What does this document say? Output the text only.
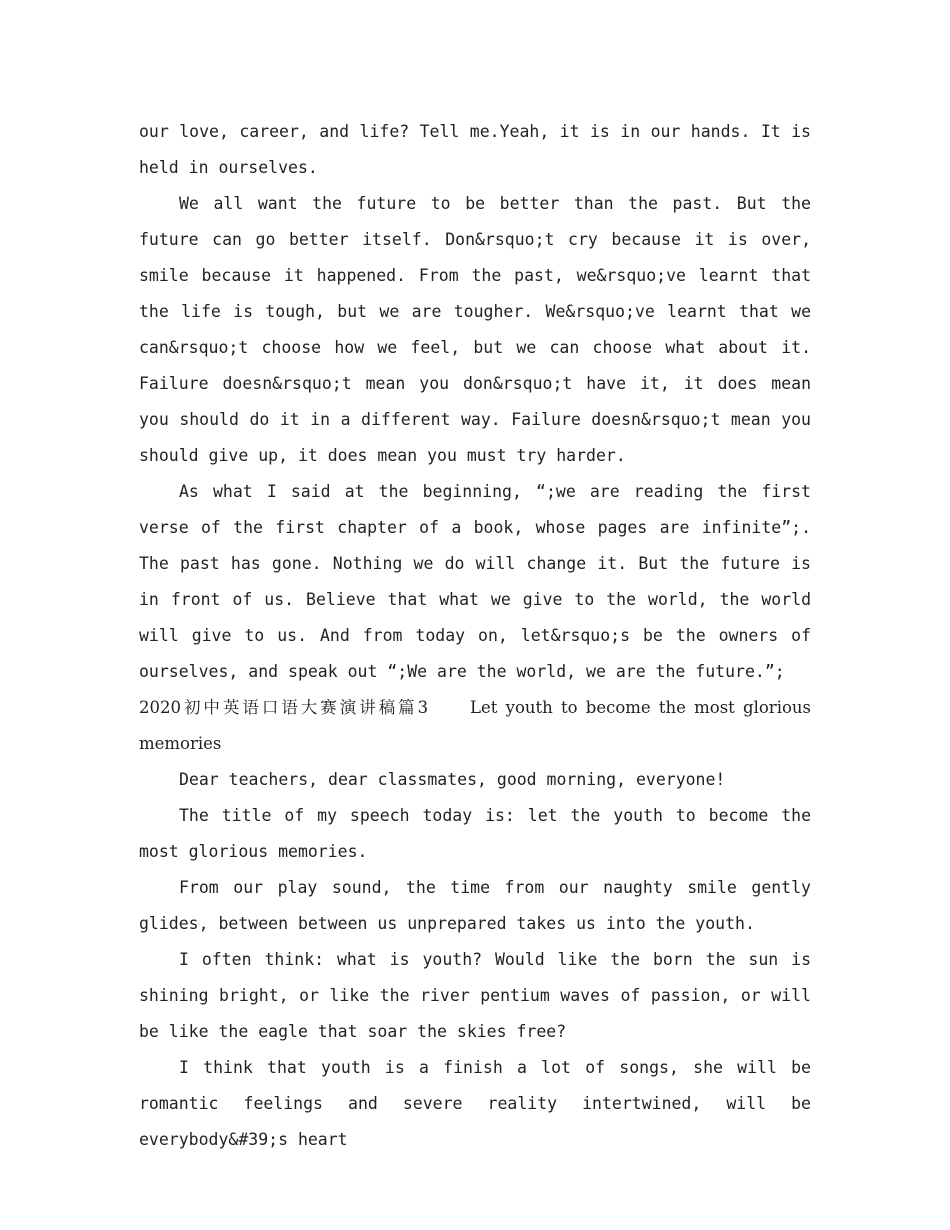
our love, career, and life? Tell me.Yeah, it is in our hands. It is held in ourselves.

We all want the future to be better than the past. But the future can go better itself. Don&rsquo;t cry because it is over, smile because it happened. From the past, we&rsquo;ve learnt that the life is tough, but we are tougher. We&rsquo;ve learnt that we can&rsquo;t choose how we feel, but we can choose what about it. Failure doesn&rsquo;t mean you don&rsquo;t have it, it does mean you should do it in a different way. Failure doesn&rsquo;t mean you should give up, it does mean you must try harder.

As what I said at the beginning, “;we are reading the first verse of the first chapter of a book, whose pages are infinite”;. The past has gone. Nothing we do will change it. But the future is in front of us. Believe that what we give to the world, the world will give to us. And from today on, let&rsquo;s be the owners of ourselves, and speak out “;We are the world, we are the future.”;

2020初中英语口语大赛演讲稿篇3　　Let youth to become the most glorious memories

Dear teachers, dear classmates, good morning, everyone!

The title of my speech today is: let the youth to become the most glorious memories.

From our play sound, the time from our naughty smile gently glides, between between us unprepared takes us into the youth.

I often think: what is youth? Would like the born the sun is shining bright, or like the river pentium waves of passion, or will be like the eagle that soar the skies free?

I think that youth is a finish a lot of songs, she will be romantic feelings and severe reality intertwined, will be everybody&#39;s heart
